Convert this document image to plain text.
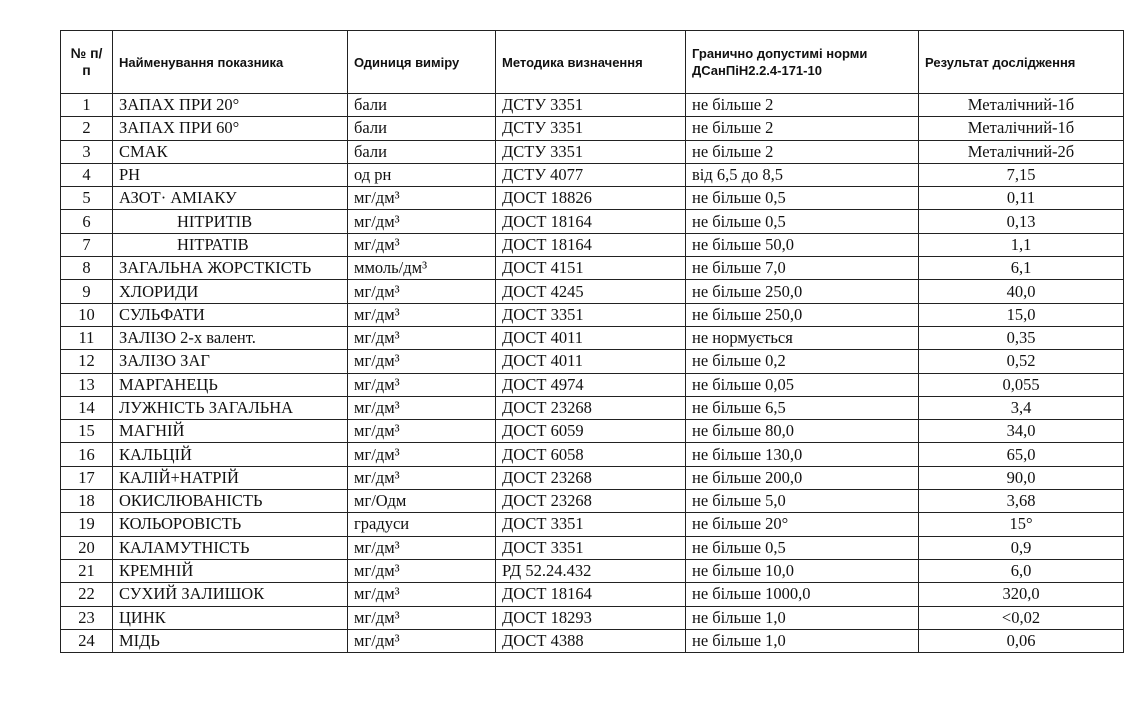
№ п/п	Найменування показника	Одиниця виміру	Методика визначення	Гранично допустимі норми ДСанПіН2.2.4-171-10	Результат дослідження
1	ЗАПАХ ПРИ 20°	бали	ДСТУ 3351	не більше 2	Металічний-1б
2	ЗАПАХ ПРИ 60°	бали	ДСТУ 3351	не більше 2	Металічний-1б
3	СМАК	бали	ДСТУ 3351	не більше 2	Металічний-2б
4	PH	од рн	ДСТУ 4077	від 6,5 до 8,5	7,15
5	АЗОТ· АМІАКУ	мг/дм³	ДОСТ 18826	не більше 0,5	0,11
6	НІТРИТІВ	мг/дм³	ДОСТ 18164	не більше 0,5	0,13
7	НІТРАТІВ	мг/дм³	ДОСТ 18164	не більше 50,0	1,1
8	ЗАГАЛЬНА ЖОРСТКІСТЬ	ммоль/дм³	ДОСТ 4151	не більше 7,0	6,1
9	ХЛОРИДИ	мг/дм³	ДОСТ 4245	не більше 250,0	40,0
10	СУЛЬФАТИ	мг/дм³	ДОСТ 3351	не більше 250,0	15,0
11	ЗАЛІЗО 2-х валент.	мг/дм³	ДОСТ 4011	не нормується	0,35
12	ЗАЛІЗО ЗАГ	мг/дм³	ДОСТ 4011	не більше 0,2	0,52
13	МАРГАНЕЦЬ	мг/дм³	ДОСТ 4974	не більше 0,05	0,055
14	ЛУЖНІСТЬ ЗАГАЛЬНА	мг/дм³	ДОСТ 23268	не більше 6,5	3,4
15	МАГНІЙ	мг/дм³	ДОСТ 6059	не більше 80,0	34,0
16	КАЛЬЦІЙ	мг/дм³	ДОСТ 6058	не більше 130,0	65,0
17	КАЛІЙ+НАТРІЙ	мг/дм³	ДОСТ 23268	не більше 200,0	90,0
18	ОКИСЛЮВАНІСТЬ	мг/Одм	ДОСТ 23268	не більше 5,0	3,68
19	КОЛЬОРОВІСТЬ	градуси	ДОСТ 3351	не більше 20°	15°
20	КАЛАМУТНІСТЬ	мг/дм³	ДОСТ 3351	не більше 0,5	0,9
21	КРЕМНІЙ	мг/дм³	РД 52.24.432	не більше 10,0	6,0
22	СУХИЙ ЗАЛИШОК	мг/дм³	ДОСТ 18164	не більше 1000,0	320,0
23	ЦИНК	мг/дм³	ДОСТ 18293	не більше 1,0	<0,02
24	МІДЬ	мг/дм³	ДОСТ 4388	не більше 1,0	0,06
